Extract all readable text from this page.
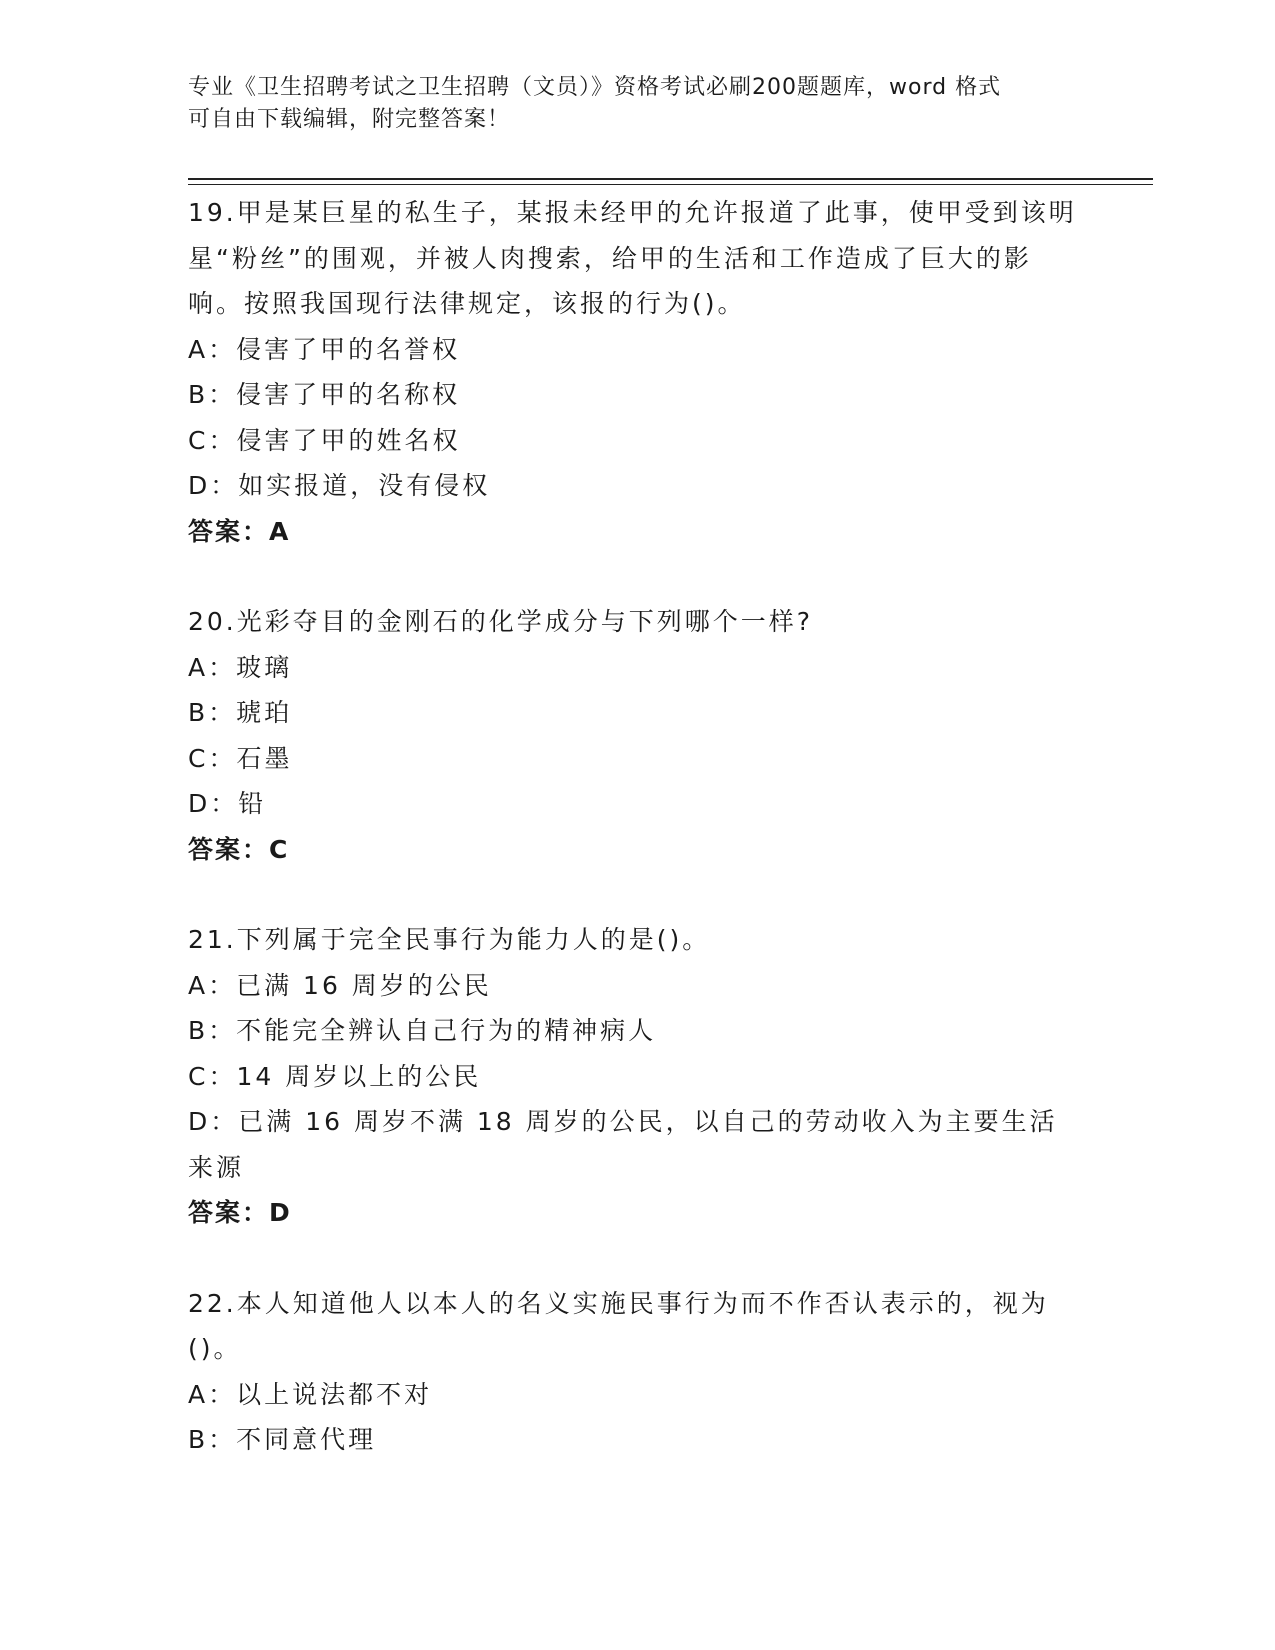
专业《卫生招聘考试之卫生招聘（文员）》资格考试必刷200题题库，word 格式
可自由下载编辑，附完整答案！
19.甲是某巨星的私生子，某报未经甲的允许报道了此事，使甲受到该明星“粉丝”的围观，并被人肉搜索，给甲的生活和工作造成了巨大的影响。按照我国现行法律规定，该报的行为()。
A：侵害了甲的名誉权
B：侵害了甲的名称权
C：侵害了甲的姓名权
D：如实报道，没有侵权
答案：A
20.光彩夺目的金刚石的化学成分与下列哪个一样?
A：玻璃
B：琥珀
C：石墨
D：铅
答案：C
21.下列属于完全民事行为能力人的是()。
A：已满 16 周岁的公民
B：不能完全辨认自己行为的精神病人
C：14 周岁以上的公民
D：已满 16 周岁不满 18 周岁的公民，以自己的劳动收入为主要生活来源
答案：D
22.本人知道他人以本人的名义实施民事行为而不作否认表示的，视为()。
A：以上说法都不对
B：不同意代理
